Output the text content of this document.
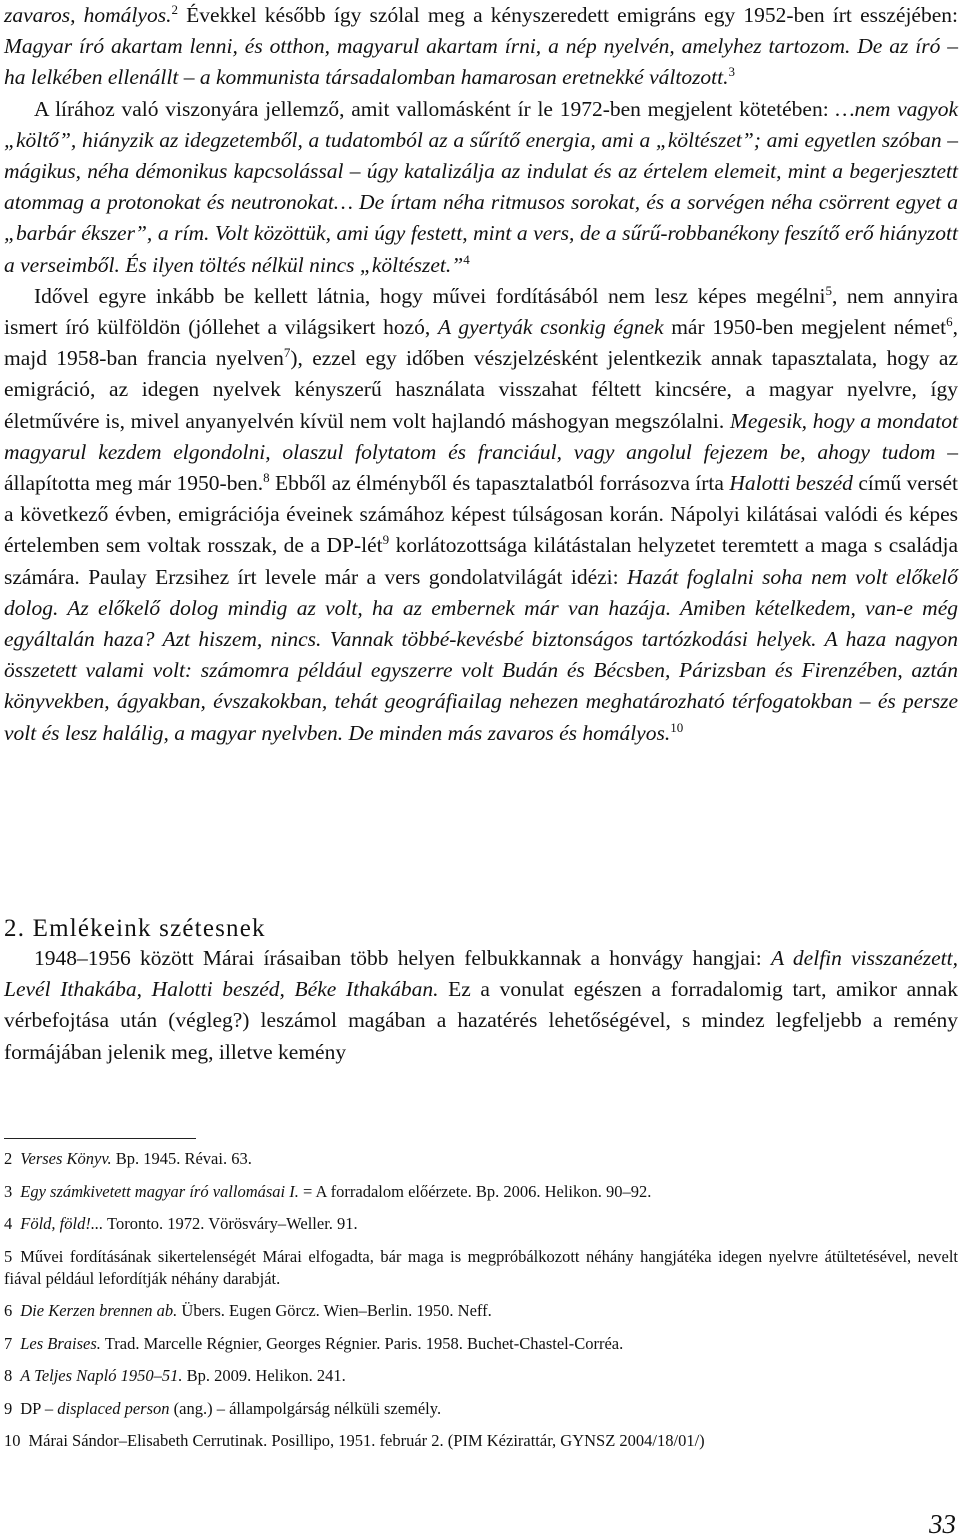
zavaros, homályos.$^2$ Évekkel később így szólal meg a kényszeredett emigráns egy 1952-ben írt esszéjében: Magyar író akartam lenni, és otthon, magyarul akartam írni, a nép nyelvén, amelyhez tartozom. De az író – ha lelkében ellenállt – a kommunista társadalomban hamarosan eretnekké változott.$^3$

A lírához való viszonyára jellemző, amit vallomásként ír le 1972-ben megjelent kötetében: …nem vagyok „költő”, hiányzik az idegzetemből, a tudatomból az a sűrítő energia, ami a „költészet”; ami egyetlen szóban – mágikus, néha démonikus kapcsolással – úgy katalizálja az indulat és az értelem elemeit, mint a begerjesztett atommag a protonokat és neutronokat… De írtam néha ritmusos sorokat, és a sorvégen néha csörrent egyet a „barbár ékszer”, a rím. Volt közöttük, ami úgy festett, mint a vers, de a sűrű-robbanékony feszítő erő hiányzott a verseimből. És ilyen töltés nélkül nincs „költészet.”$^4$

Idővel egyre inkább be kellett látnia, hogy művei fordításából nem lesz képes megélni$^5$, nem annyira ismert író külföldön (jóllehet a világsikert hozó, A gyertyák csonkig égnek már 1950-ben megjelent német$^6$, majd 1958-ban francia nyelven$^7$), ezzel egy időben vészjelzésként jelentkezik annak tapasztalata, hogy az emigráció, az idegen nyelvek kényszerű használata visszahat féltett kincsére, a magyar nyelvre, így életművére is, mivel anyanyelvén kívül nem volt hajlandó máshogyan megszólalni. Megesik, hogy a mondatot magyarul kezdem elgondolni, olaszul folytatom és franciául, vagy angolul fejezem be, ahogy tudom – állapította meg már 1950-ben.$^8$ Ebből az élményből és tapasztalatból forrásozva írta Halotti beszéd című versét a következő évben, emigrációja éveinek számához képest túlságosan korán. Nápolyi kilátásai valódi és képes értelemben sem voltak rosszak, de a DP-lét$^9$ korlátozottsága kilátástalan helyzetet teremtett a maga s családja számára. Paulay Erzsihez írt levele már a vers gondolatvilágát idézi: Hazát foglalni soha nem volt előkelő dolog. Az előkelő dolog mindig az volt, ha az embernek már van hazája. Amiben kételkedem, van-e még egyáltalán haza? Azt hiszem, nincs. Vannak többé-kevésbé biztonságos tartózkodási helyek. A haza nagyon összetett valami volt: számomra például egyszerre volt Budán és Bécsben, Párizsban és Firenzében, aztán könyvekben, ágyakban, évszakokban, tehát geográfiailag nehezen meghatározható térfogatokban – és persze volt és lesz halálig, a magyar nyelvben. De minden más zavaros és homályos.$^{10}$

2. Emlékeink szétesnek

1948–1956 között Márai írásaiban több helyen felbukkannak a honvágy hangjai: A delfin visszanézett, Levél Ithakába, Halotti beszéd, Béke Ithakában. Ez a vonulat egészen a forradalomig tart, amikor annak vérbefojtása után (végleg?) leszámol magában a hazatérés lehetőségével, s mindez legfeljebb a remény formájában jelenik meg, illetve kemény

2 Verses Könyv. Bp. 1945. Révai. 63.

3 Egy számkivetett magyar író vallomásai I. = A forradalom előérzete. Bp. 2006. Helikon. 90–92.

4 Föld, föld!... Toronto. 1972. Vörösváry–Weller. 91.

5 Művei fordításának sikertelenségét Márai elfogadta, bár maga is megpróbálkozott néhány hangjátéka idegen nyelvre átültetésével, nevelt fiával például lefordítják néhány darabját.

6 Die Kerzen brennen ab. Übers. Eugen Görcz. Wien–Berlin. 1950. Neff.

7 Les Braises. Trad. Marcelle Régnier, Georges Régnier. Paris. 1958. Buchet-Chastel-Corréa.

8 A Teljes Napló 1950–51. Bp. 2009. Helikon. 241.

9 DP – displaced person (ang.) – állampolgárság nélküli személy.

10 Márai Sándor–Elisabeth Cerrutinak. Posillipo, 1951. február 2. (PIM Kézirattár, GYNSZ 2004/18/01/)

33
